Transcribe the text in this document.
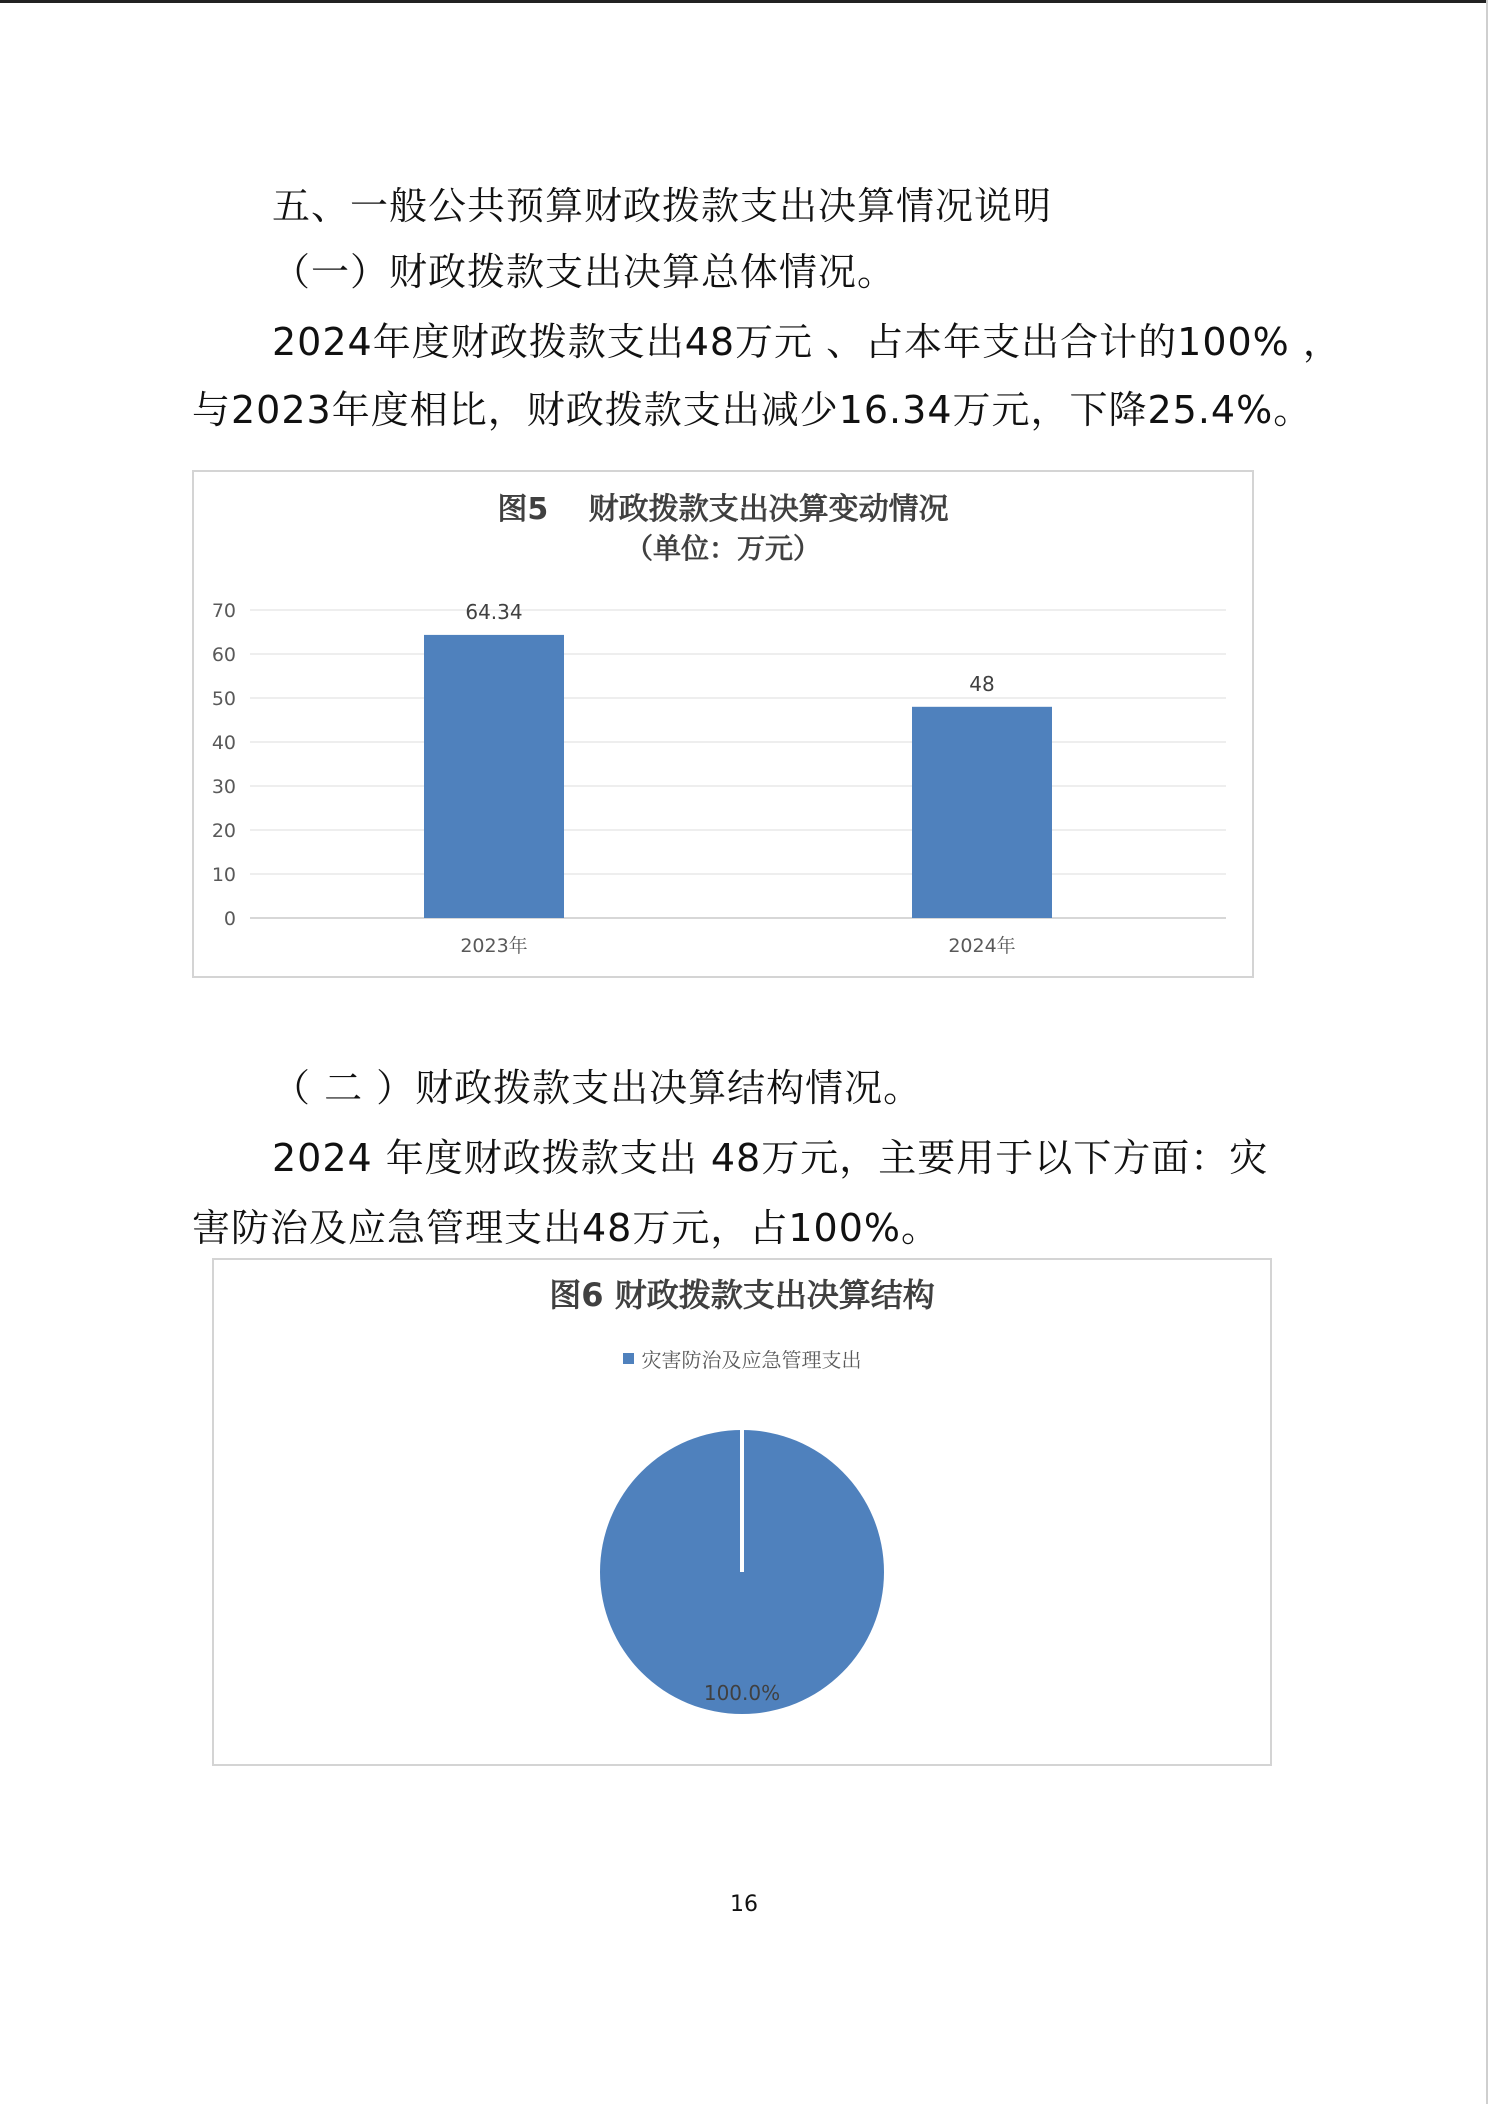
五、一般公共预算财政拨款支出决算情况说明
（一）财政拨款支出决算总体情况。
2024年度财政拨款支出48万元 、占本年支出合计的100% ，
与2023年度相比，财政拨款支出减少16.34万元，下降25.4%。
图5　 财政拨款支出决算变动情况
（单位：万元）
0
10
20
30
40
50
60
70	64.34
2023年
48
2024年
（ 二 ）财政拨款支出决算结构情况。
2024 年度财政拨款支出 48万元，主要用于以下方面：灾
害防治及应急管理支出48万元，占100%。
图6 财政拨款支出决算结构
灾害防治及应急管理支出
100.0%
16
